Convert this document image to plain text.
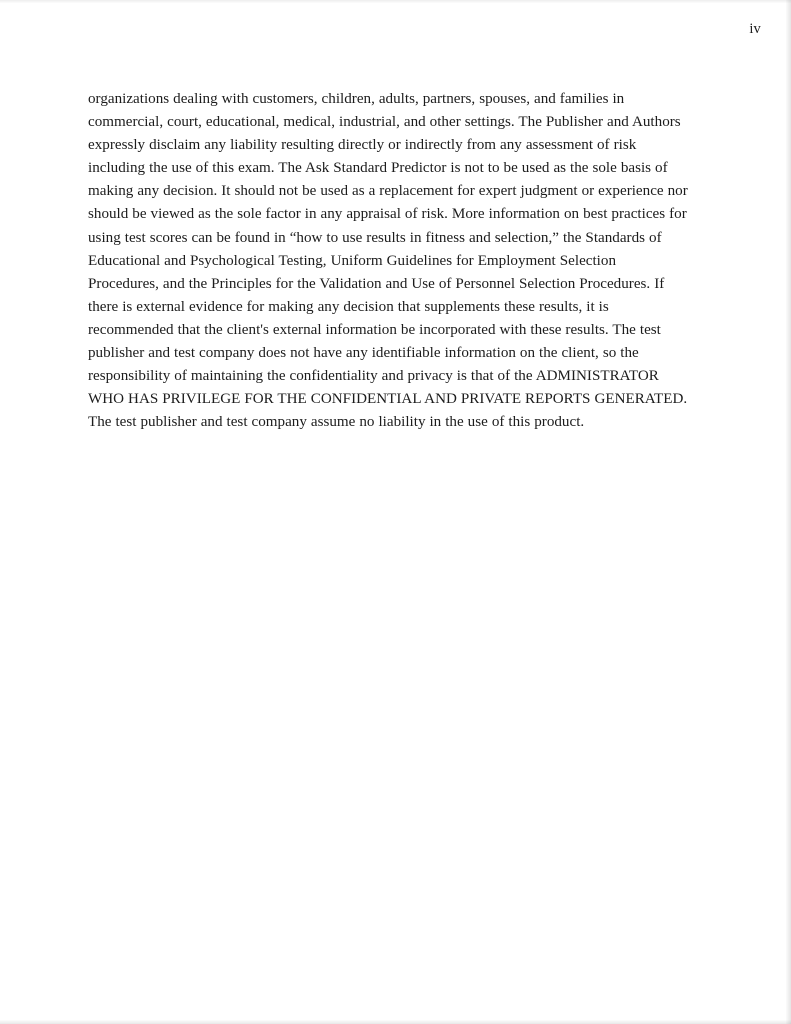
iv

organizations dealing with customers, children, adults, partners, spouses, and families in commercial, court, educational, medical, industrial, and other settings. The Publisher and Authors expressly disclaim any liability resulting directly or indirectly from any assessment of risk including the use of this exam. The Ask Standard Predictor is not to be used as the sole basis of making any decision. It should not be used as a replacement for expert judgment or experience nor should be viewed as the sole factor in any appraisal of risk. More information on best practices for using test scores can be found in “how to use results in fitness and selection,” the Standards of Educational and Psychological Testing, Uniform Guidelines for Employment Selection Procedures, and the Principles for the Validation and Use of Personnel Selection Procedures. If there is external evidence for making any decision that supplements these results, it is recommended that the client's external information be incorporated with these results. The test publisher and test company does not have any identifiable information on the client, so the responsibility of maintaining the confidentiality and privacy is that of the ADMINISTRATOR WHO HAS PRIVILEGE FOR THE CONFIDENTIAL AND PRIVATE REPORTS GENERATED. The test publisher and test company assume no liability in the use of this product.
